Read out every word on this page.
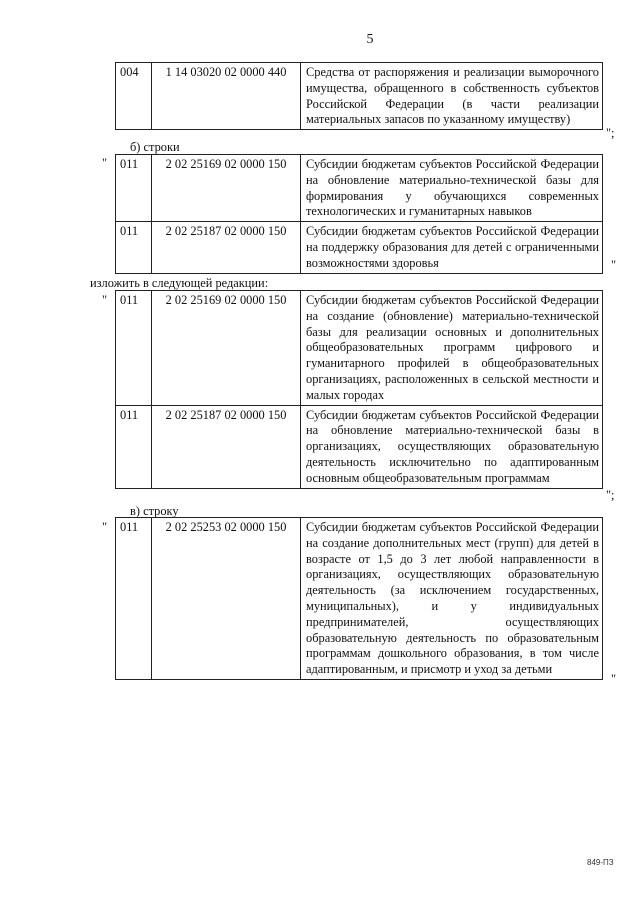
5
004	1 14 03020 02 0000 440	Средства от распоряжения и реализации выморочного имущества, обращенного в собственность субъектов Российской Федерации (в части реализации материальных запасов по указанному имуществу)
";
б) строки
" 011	2 02 25169 02 0000 150	Субсидии бюджетам субъектов Российской Федерации на обновление материально-технической базы для формирования у обучающихся современных технологических и гуманитарных навыков
011	2 02 25187 02 0000 150	Субсидии бюджетам субъектов Российской Федерации на поддержку образования для детей с ограниченными возможностями здоровья	"
изложить в следующей редакции:
" 011	2 02 25169 02 0000 150	Субсидии бюджетам субъектов Российской Федерации на создание (обновление) материально-технической базы для реализации основных и дополнительных общеобразовательных программ цифрового и гуманитарного профилей в общеобразовательных организациях, расположенных в сельской местности и малых городах
011	2 02 25187 02 0000 150	Субсидии бюджетам субъектов Российской Федерации на обновление материально-технической базы в организациях, осуществляющих образовательную деятельность исключительно по адаптированным основным общеобразовательным программам
";
в) строку
" 011	2 02 25253 02 0000 150	Субсидии бюджетам субъектов Российской Федерации на создание дополнительных мест (групп) для детей в возрасте от 1,5 до 3 лет любой направленности в организациях, осуществляющих образовательную деятельность (за исключением государственных, муниципальных), и у индивидуальных предпринимателей, осуществляющих образовательную деятельность по образовательным программам дошкольного образования, в том числе адаптированным, и присмотр и уход за детьми
"
849-ПЗ
